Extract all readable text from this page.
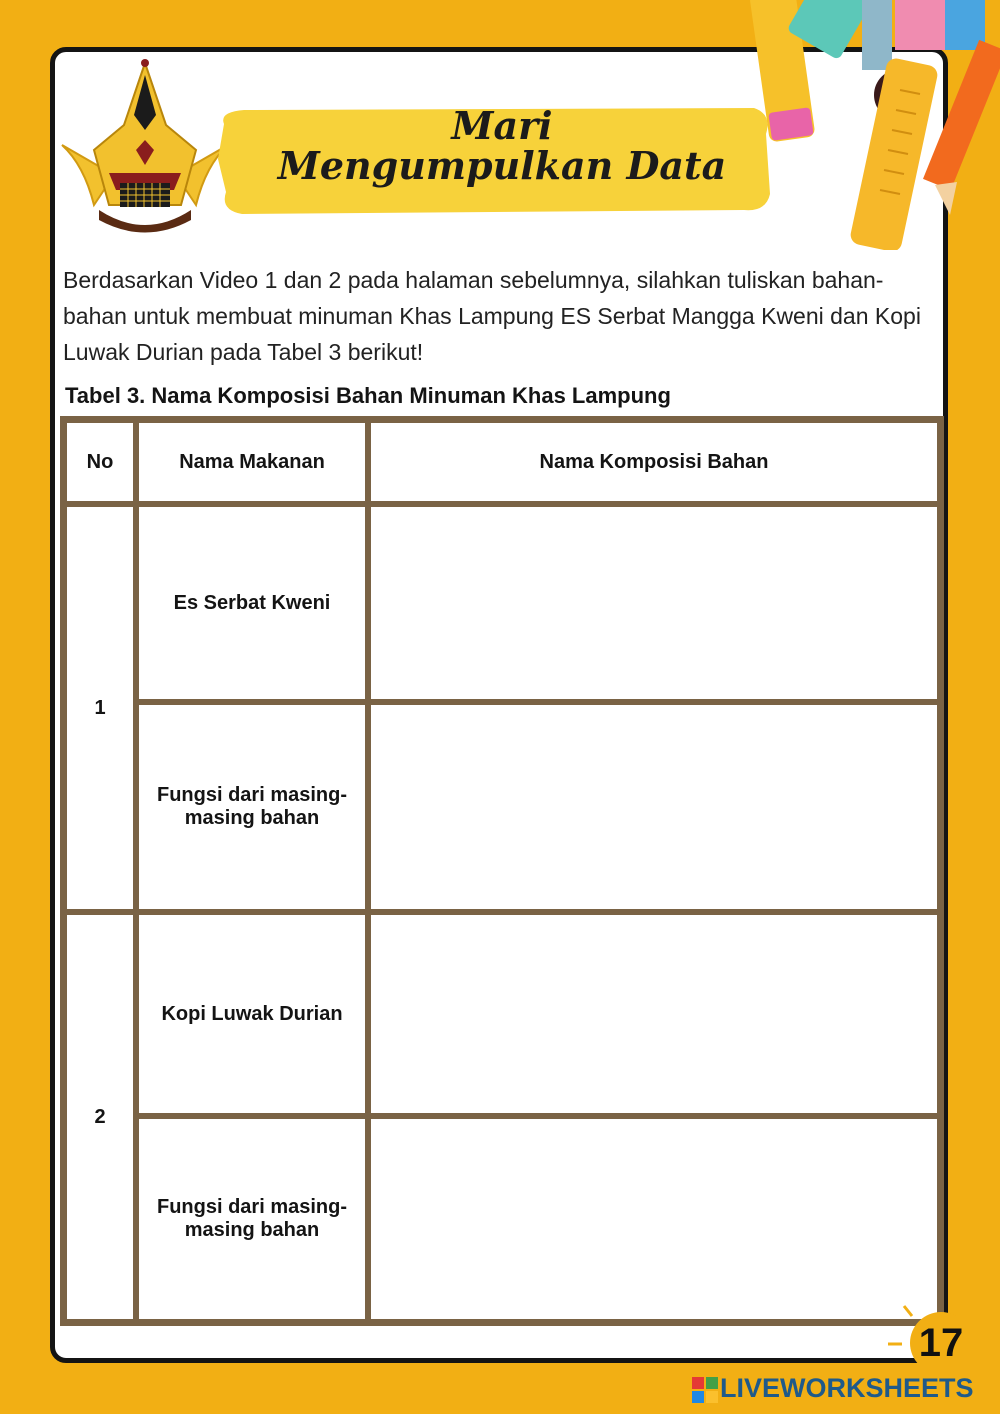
Mari
Mengumpulkan Data
Berdasarkan Video 1 dan 2 pada halaman sebelumnya, silahkan tuliskan bahan-bahan untuk membuat minuman Khas Lampung ES Serbat Mangga Kweni dan Kopi Luwak Durian pada Tabel 3 berikut!
Tabel 3. Nama Komposisi Bahan Minuman Khas Lampung
No	Nama Makanan	Nama Komposisi Bahan
1	Es Serbat Kweni	
	Fungsi dari masing-masing bahan	
2	Kopi Luwak Durian	
	Fungsi dari masing-masing bahan	
17
LIVEWORKSHEETS
